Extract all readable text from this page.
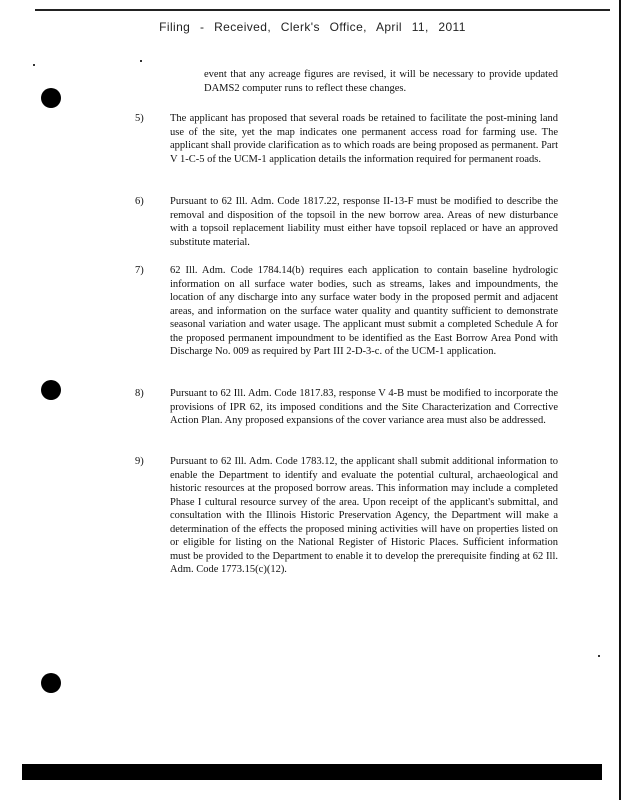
Filing - Received, Clerk's Office, April 11, 2011
event that any acreage figures are revised, it will be necessary to provide updated DAMS2 computer runs to reflect these changes.
5)	The applicant has proposed that several roads be retained to facilitate the post-mining land use of the site, yet the map indicates one permanent access road for farming use. The applicant shall provide clarification as to which roads are being proposed as permanent. Part V 1-C-5 of the UCM-1 application details the information required for permanent roads.
6)	Pursuant to 62 Ill. Adm. Code 1817.22, response II-13-F must be modified to describe the removal and disposition of the topsoil in the new borrow area. Areas of new disturbance with a topsoil replacement liability must either have topsoil replaced or have an approved substitute material.
7)	62 Ill. Adm. Code 1784.14(b) requires each application to contain baseline hydrologic information on all surface water bodies, such as streams, lakes and impoundments, the location of any discharge into any surface water body in the proposed permit and adjacent areas, and information on the surface water quality and quantity sufficient to demonstrate seasonal variation and water usage. The applicant must submit a completed Schedule A for the proposed permanent impoundment to be identified as the East Borrow Area Pond with Discharge No. 009 as required by Part III 2-D-3-c. of the UCM-1 application.
8)	Pursuant to 62 Ill. Adm. Code 1817.83, response V 4-B must be modified to incorporate the provisions of IPR 62, its imposed conditions and the Site Characterization and Corrective Action Plan. Any proposed expansions of the cover variance area must also be addressed.
9)	Pursuant to 62 Ill. Adm. Code 1783.12, the applicant shall submit additional information to enable the Department to identify and evaluate the potential cultural, archaeological and historic resources at the proposed borrow areas. This information may include a completed Phase I cultural resource survey of the area. Upon receipt of the applicant's submittal, and consultation with the Illinois Historic Preservation Agency, the Department will make a determination of the effects the proposed mining activities will have on properties listed on or eligible for listing on the National Register of Historic Places. Sufficient information must be provided to the Department to enable it to develop the prerequisite finding at 62 Ill. Adm. Code 1773.15(c)(12).
